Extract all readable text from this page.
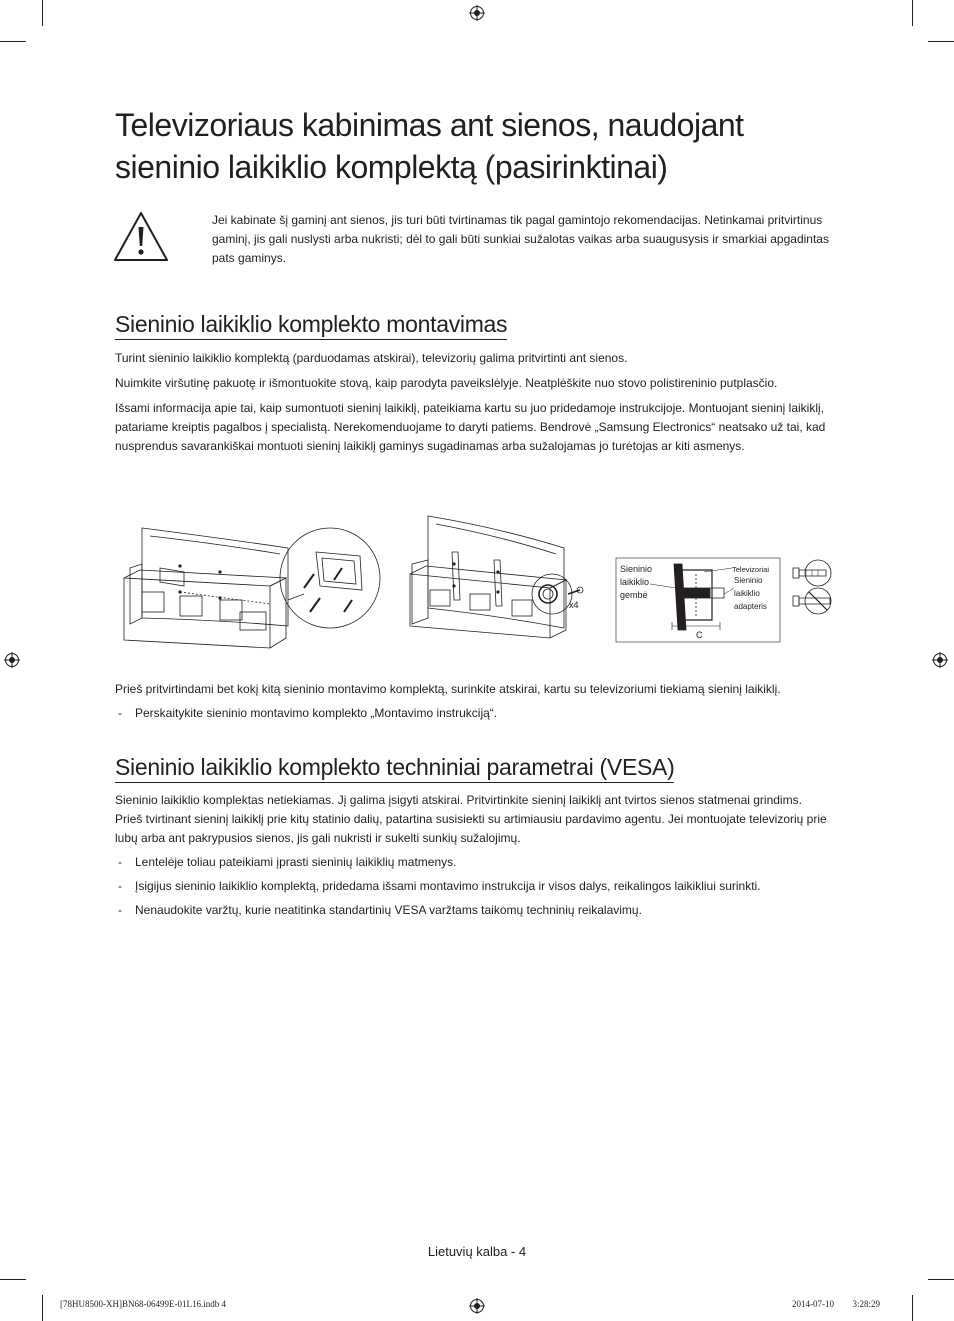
Televizoriaus kabinimas ant sienos, naudojant
sieninio laikiklio komplektą (pasirinktinai)
Jei kabinate šį gaminį ant sienos, jis turi būti tvirtinamas tik pagal gamintojo rekomendacijas. Netinkamai pritvirtinus gaminį, jis gali nuslysti arba nukristi; dėl to gali būti sunkiai sužalotas vaikas arba suaugusysis ir smarkiai apgadintas pats gaminys.
Sieninio laikiklio komplekto montavimas

Turint sieninio laikiklio komplektą (parduodamas atskirai), televizorių galima pritvirtinti ant sienos.

Nuimkite viršutinę pakuotę ir išmontuokite stovą, kaip parodyta paveikslėlyje. Neatplėškite nuo stovo polistireninio putplasčio.

Išsami informacija apie tai, kaip sumontuoti sieninį laikiklį, pateikiama kartu su juo pridedamoje instrukcijoje. Montuojant sieninį laikiklį, patariame kreiptis pagalbos į specialistą. Nerekomenduojame to daryti patiems. Bendrovė „Samsung Electronics“ neatsako už tai, kad nusprendus savarankiškai montuoti sieninį laikiklį gaminys sugadinamas arba sužalojamas jo turėtojas ar kiti asmenys.

x4
Sieninio
laikiklio
gembė
Televizoriai
Sieninio
laikiklio
adapteris
C

Prieš pritvirtindami bet kokį kitą sieninio montavimo komplektą, surinkite atskirai, kartu su televizoriumi tiekiamą sieninį laikiklį.

- Perskaitykite sieninio montavimo komplekto „Montavimo instrukciją“.

Sieninio laikiklio komplekto techniniai parametrai (VESA)

Sieninio laikiklio komplektas netiekiamas. Jį galima įsigyti atskirai. Pritvirtinkite sieninį laikiklį ant tvirtos sienos statmenai grindims. Prieš tvirtinant sieninį laikiklį prie kitų statinio dalių, patartina susisiekti su artimiausiu pardavimo agentu. Jei montuojate televizorių prie lubų arba ant pakrypusios sienos, jis gali nukristi ir sukelti sunkių sužalojimų.

- Lentelėje toliau pateikiami įprasti sieninių laikiklių matmenys.

- Įsigijus sieninio laikiklio komplektą, pridedama išsami montavimo instrukcija ir visos dalys, reikalingos laikikliui surinkti.

- Nenaudokite varžtų, kurie neatitinka standartinių VESA varžtams taikomų techninių reikalavimų.

Lietuvių kalba - 4
[78HU8500-XH]BN68-06499E-01L16.indb 4	2014-07-10 ￿￿ 3:28:29
